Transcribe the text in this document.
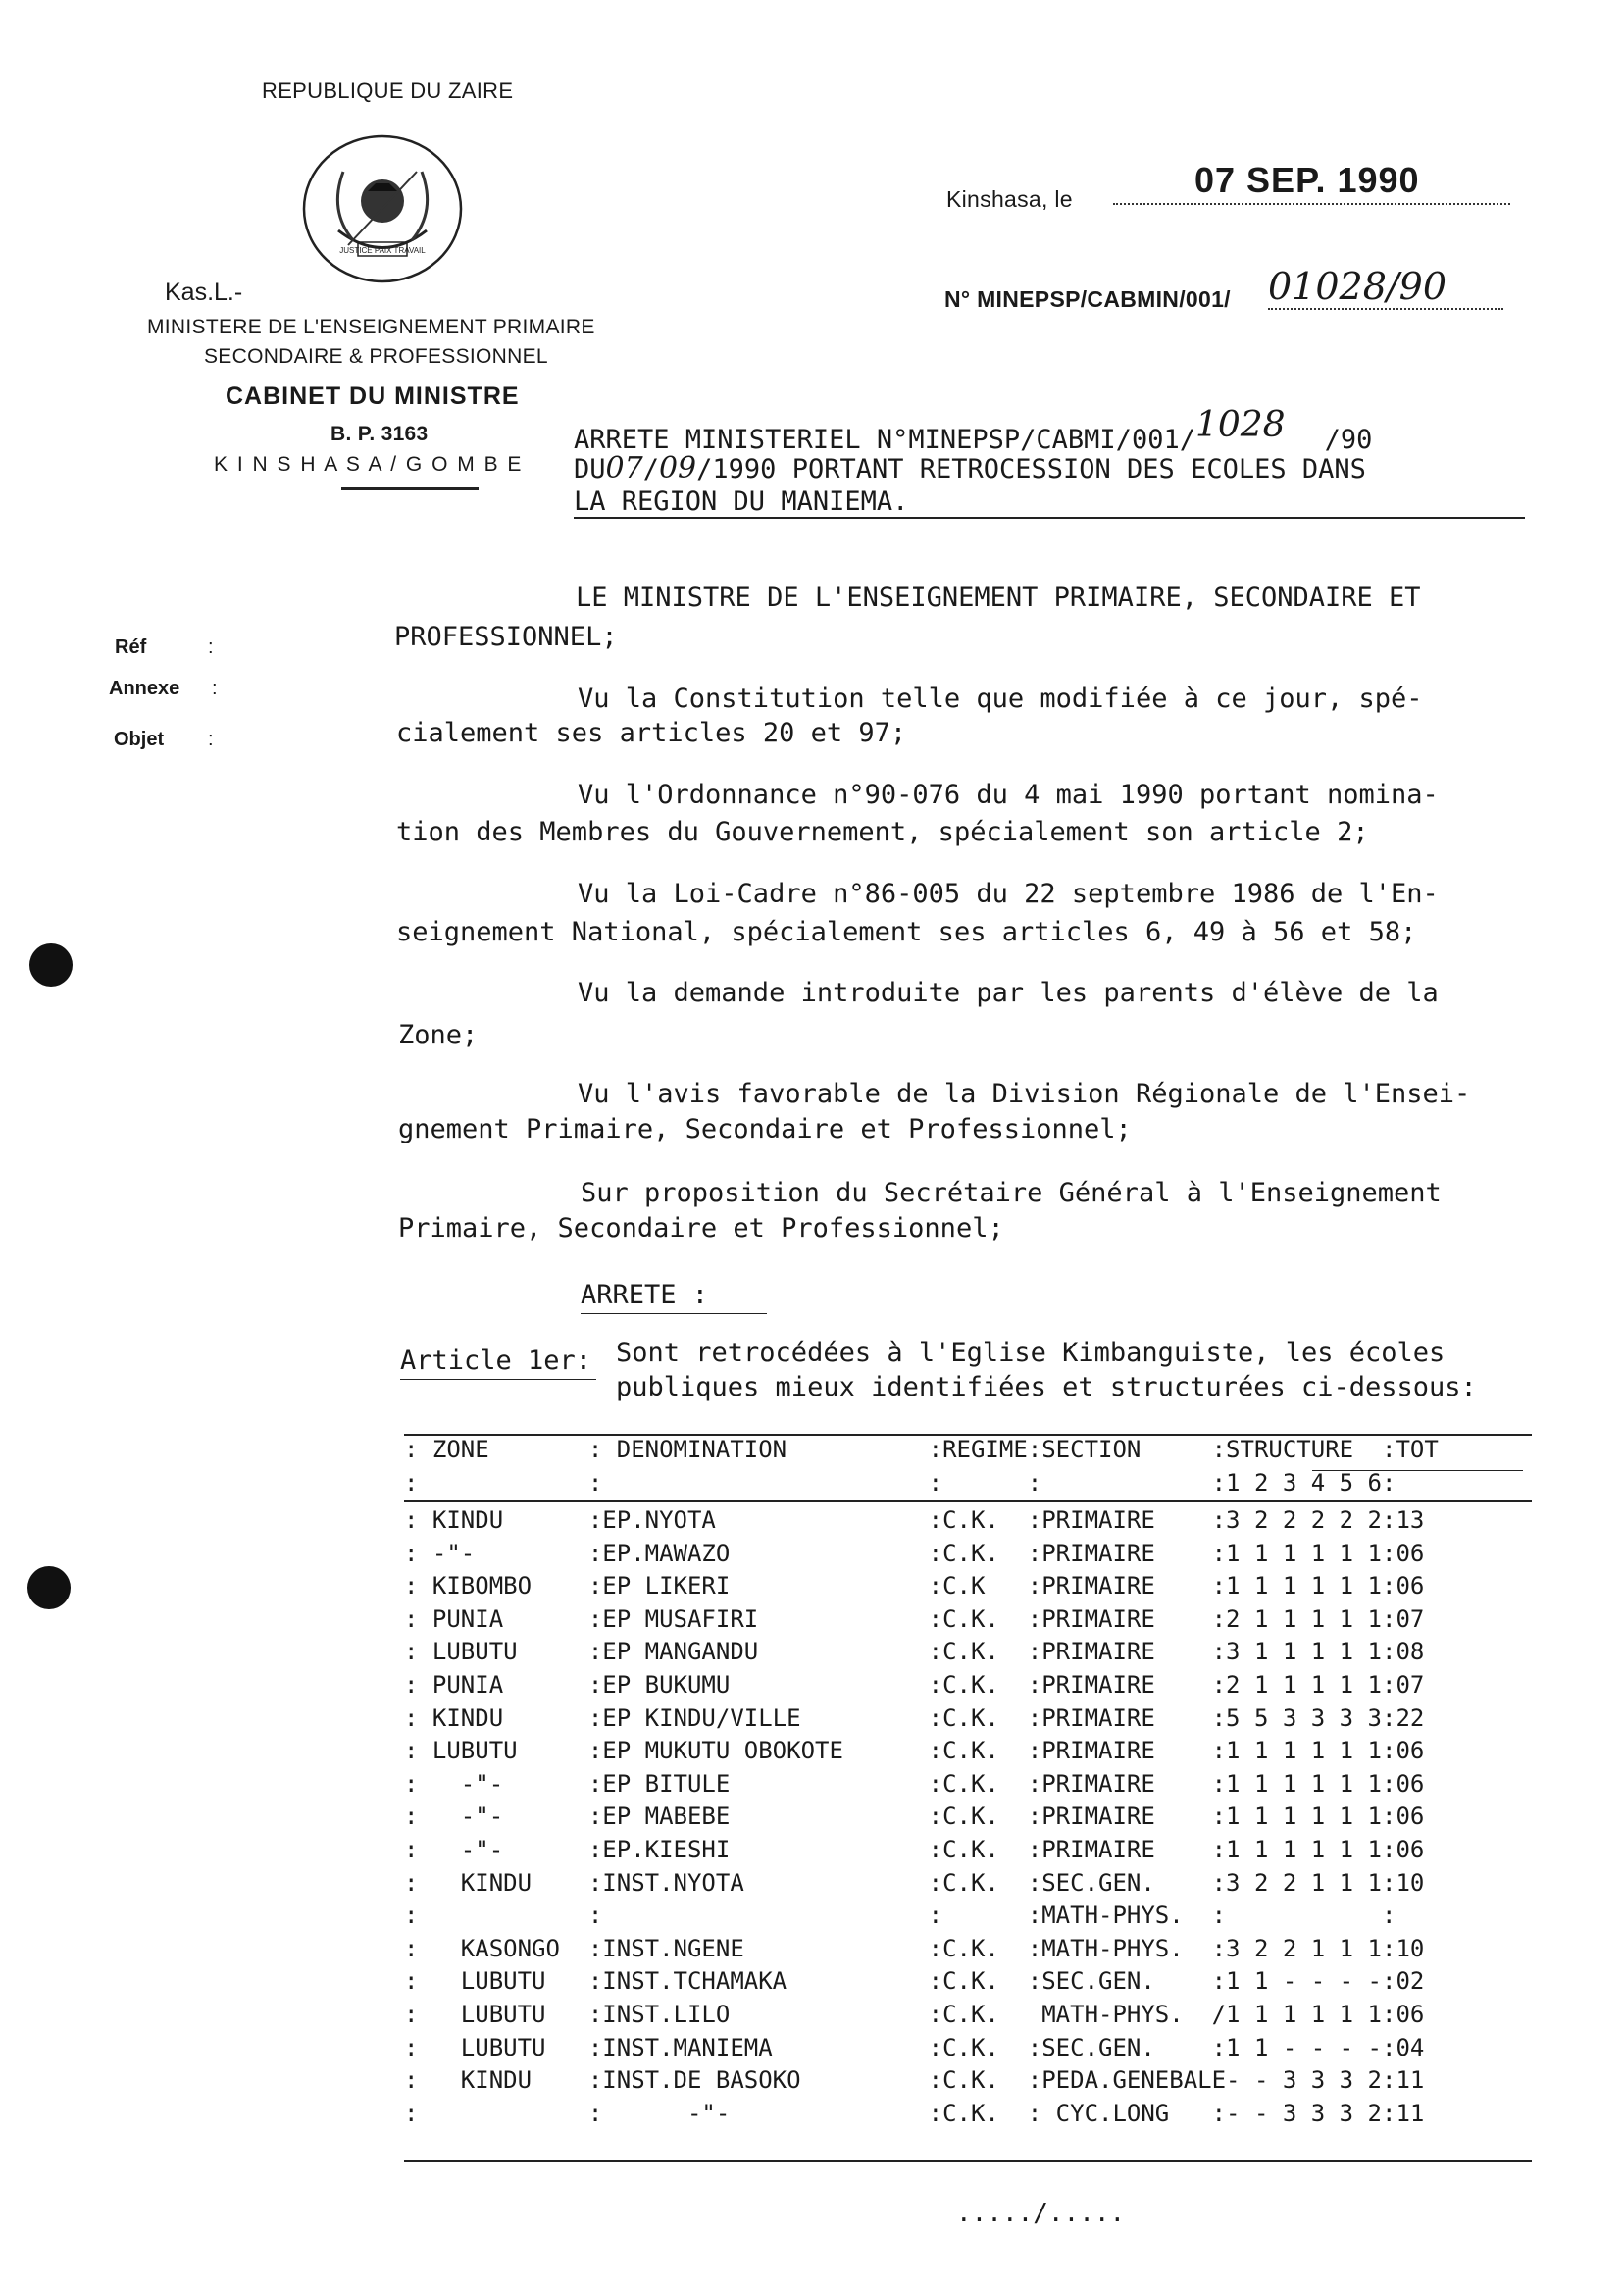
REPUBLIQUE DU ZAIRE
JUSTICE PAIX TRAVAIL
Kas.L.-
MINISTERE DE L'ENSEIGNEMENT PRIMAIRE
SECONDAIRE & PROFESSIONNEL
CABINET DU MINISTRE
B. P. 3163
K I N S H A S A / G O M B E
Kinshasa, le	07 SEP. 1990
N° MINEPSP/CABMIN/001/ 01028/90
ARRETE MINISTERIEL N°MINEPSP/CABMI/001/1028 /90
DU07/09/1990 PORTANT RETROCESSION DES ECOLES DANS
LA REGION DU MANIEMA.
Réf	:
Annexe :
Objet :
LE MINISTRE DE L'ENSEIGNEMENT PRIMAIRE, SECONDAIRE ET
PROFESSIONNEL;
Vu la Constitution telle que modifiée à ce jour, spé-
cialement ses articles 20 et 97;
Vu l'Ordonnance n°90-076 du 4 mai 1990 portant nomina-
tion des Membres du Gouvernement, spécialement son article 2;
Vu la Loi-Cadre n°86-005 du 22 septembre 1986 de l'En-
seignement National, spécialement ses articles 6, 49 à 56 et 58;
Vu la demande introduite par les parents d'élève de la
Zone;
Vu l'avis favorable de la Division Régionale de l'Ensei-
gnement Primaire, Secondaire et Professionnel;
Sur proposition du Secrétaire Général à l'Enseignement
Primaire, Secondaire et Professionnel;
ARRETE :
Article 1er: Sont retrocédées à l'Eglise Kimbanguiste, les écoles
publiques mieux identifiées et structurées ci-dessous:
: ZONE       : DENOMINATION          :REGIME:SECTION     :STRUCTURE  :TOT
:            :                       :      :            :1 2 3 4 5 6:
: KINDU      :EP.NYOTA               :C.K.  :PRIMAIRE    :3 2 2 2 2 2:13
: -"-        :EP.MAWAZO              :C.K.  :PRIMAIRE    :1 1 1 1 1 1:06
: KIBOMBO    :EP LIKERI              :C.K   :PRIMAIRE    :1 1 1 1 1 1:06
: PUNIA      :EP MUSAFIRI            :C.K.  :PRIMAIRE    :2 1 1 1 1 1:07
: LUBUTU     :EP MANGANDU            :C.K.  :PRIMAIRE    :3 1 1 1 1 1:08
: PUNIA      :EP BUKUMU              :C.K.  :PRIMAIRE    :2 1 1 1 1 1:07
: KINDU      :EP KINDU/VILLE         :C.K.  :PRIMAIRE    :5 5 3 3 3 3:22
: LUBUTU     :EP MUKUTU OBOKOTE      :C.K.  :PRIMAIRE    :1 1 1 1 1 1:06
:   -"-      :EP BITULE              :C.K.  :PRIMAIRE    :1 1 1 1 1 1:06
:   -"-      :EP MABEBE              :C.K.  :PRIMAIRE    :1 1 1 1 1 1:06
:   -"-      :EP.KIESHI              :C.K.  :PRIMAIRE    :1 1 1 1 1 1:06
:   KINDU    :INST.NYOTA             :C.K.  :SEC.GEN.    :3 2 2 1 1 1:10
:            :                       :      :MATH-PHYS.  :           :
:   KASONGO  :INST.NGENE             :C.K.  :MATH-PHYS.  :3 2 2 1 1 1:10
:   LUBUTU   :INST.TCHAMAKA          :C.K.  :SEC.GEN.    :1 1 - - - -:02
:   LUBUTU   :INST.LILO              :C.K.   MATH-PHYS.  /1 1 1 1 1 1:06
:   LUBUTU   :INST.MANIEMA           :C.K.  :SEC.GEN.    :1 1 - - - -:04
:   KINDU    :INST.DE BASOKO         :C.K.  :PEDA.GENEBALE- - 3 3 3 2:11
:            :      -"-              :C.K.  : CYC.LONG   :- - 3 3 3 2:11
...../.....
